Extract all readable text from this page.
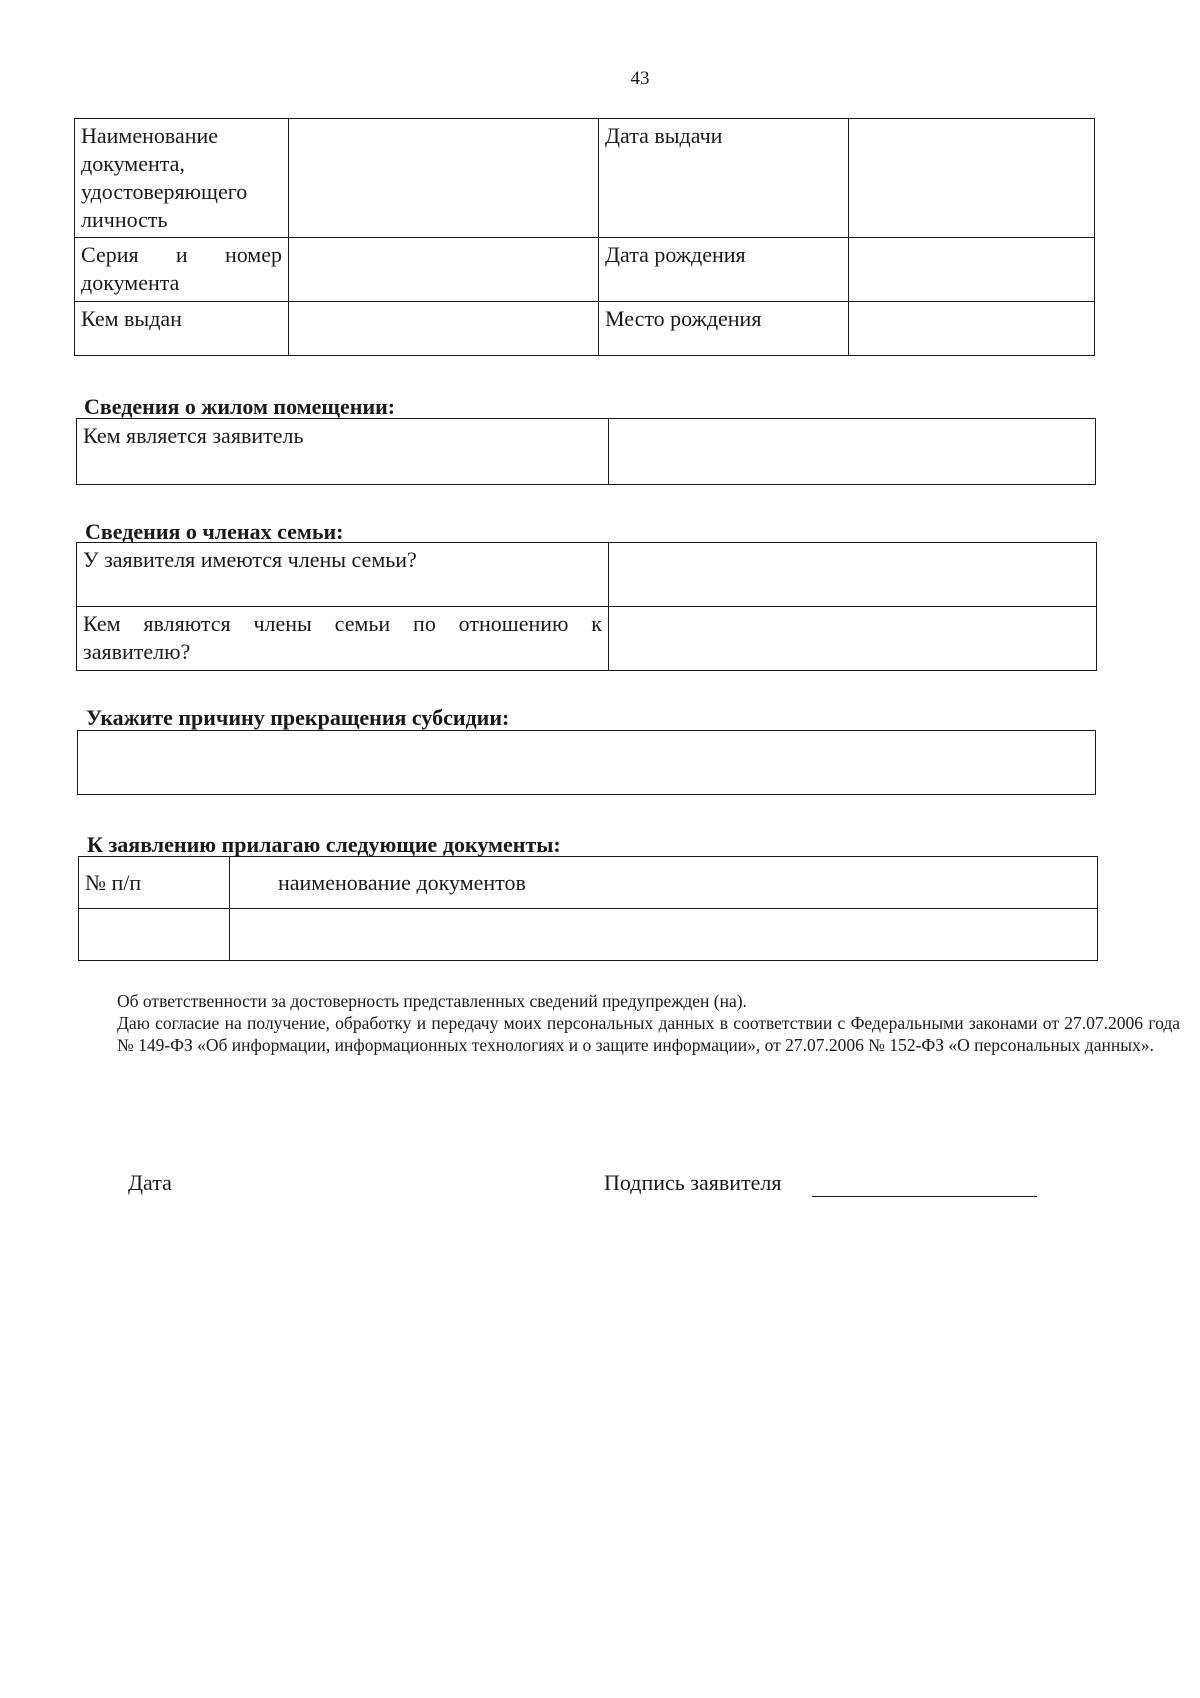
43
Наименование документа, удостоверяющего личность		Дата выдачи	

Серия и номер
документа		Дата рождения	
Кем выдан		Место рождения	
Сведения о жилом помещении:
Кем является заявитель	
Сведения о членах семьи:
У заявителя имеются члены семьи?	

Кем являются члены семьи по отношению к
заявителю?	

Укажите причину прекращения субсидии:
К заявлению прилагаю следующие документы:
№ п/п	наименование документов

Об ответственности за достоверность представленных сведений предупрежден (на).

Даю согласие на получение, обработку и передачу моих персональных данных в соответствии с Федеральными законами от 27.07.2006 года № 149-ФЗ «Об информации, информационных технологиях и о защите информации», от 27.07.2006 № 152-ФЗ «О персональных данных».

Дата	Подпись заявителя
